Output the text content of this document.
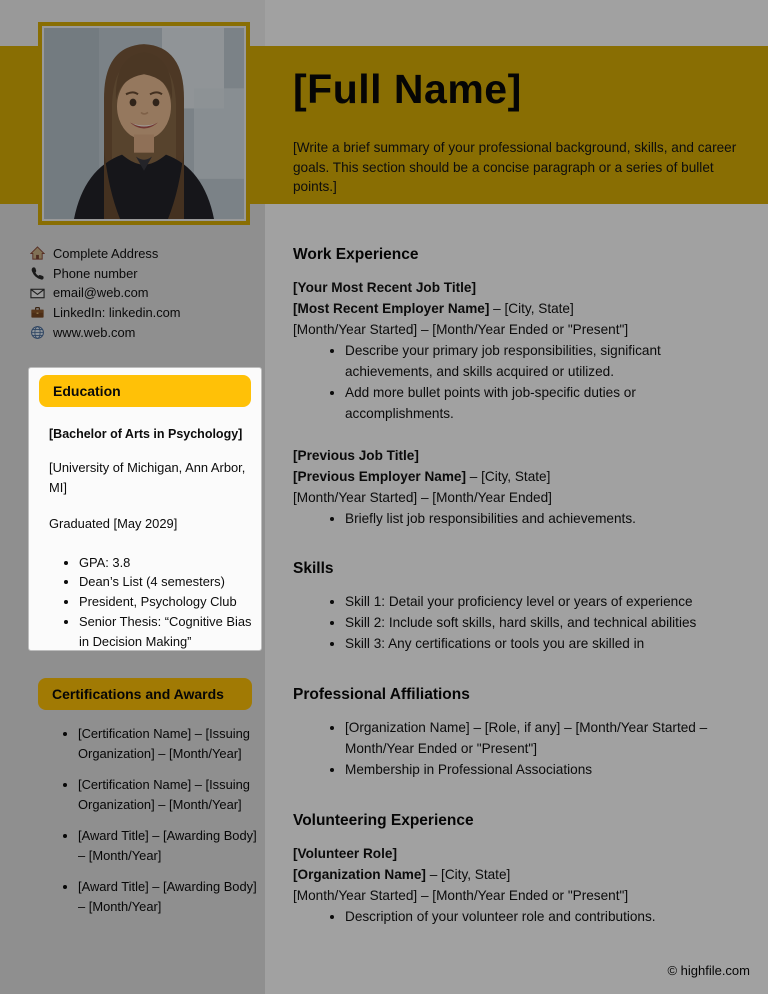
[Full Name]

[Write a brief summary of your professional background, skills, and career goals. This section should be a concise paragraph or a series of bullet points.]

Complete Address
Phone number
email@web.com
LinkedIn: linkedin.com
www.web.com
Education

[Bachelor of Arts in Psychology]

[University of Michigan, Ann Arbor, MI]

Graduated [May 2029]

• GPA: 3.8
• Dean’s List (4 semesters)
• President, Psychology Club
• Senior Thesis: “Cognitive Bias in Decision Making”
Certifications and Awards
• [Certification Name] – [Issuing Organization] – [Month/Year]
• [Certification Name] – [Issuing Organization] – [Month/Year]
• [Award Title] – [Awarding Body] – [Month/Year]
• [Award Title] – [Awarding Body] – [Month/Year]
Work Experience

[Your Most Recent Job Title]

[Most Recent Employer Name] – [City, State]

[Month/Year Started] – [Month/Year Ended or "Present"]

• Describe your primary job responsibilities, significant achievements, and skills acquired or utilized.
• Add more bullet points with job-specific duties or accomplishments.

[Previous Job Title]

[Previous Employer Name] – [City, State]

[Month/Year Started] – [Month/Year Ended]

• Briefly list job responsibilities and achievements.
Skills
• Skill 1: Detail your proficiency level or years of experience
• Skill 2: Include soft skills, hard skills, and technical abilities
• Skill 3: Any certifications or tools you are skilled in
Professional Affiliations
• [Organization Name] – [Role, if any] – [Month/Year Started – Month/Year Ended or "Present"]
• Membership in Professional Associations
Volunteering Experience

[Volunteer Role]

[Organization Name] – [City, State]

[Month/Year Started] – [Month/Year Ended or "Present"]

• Description of your volunteer role and contributions.
© highfile.com
